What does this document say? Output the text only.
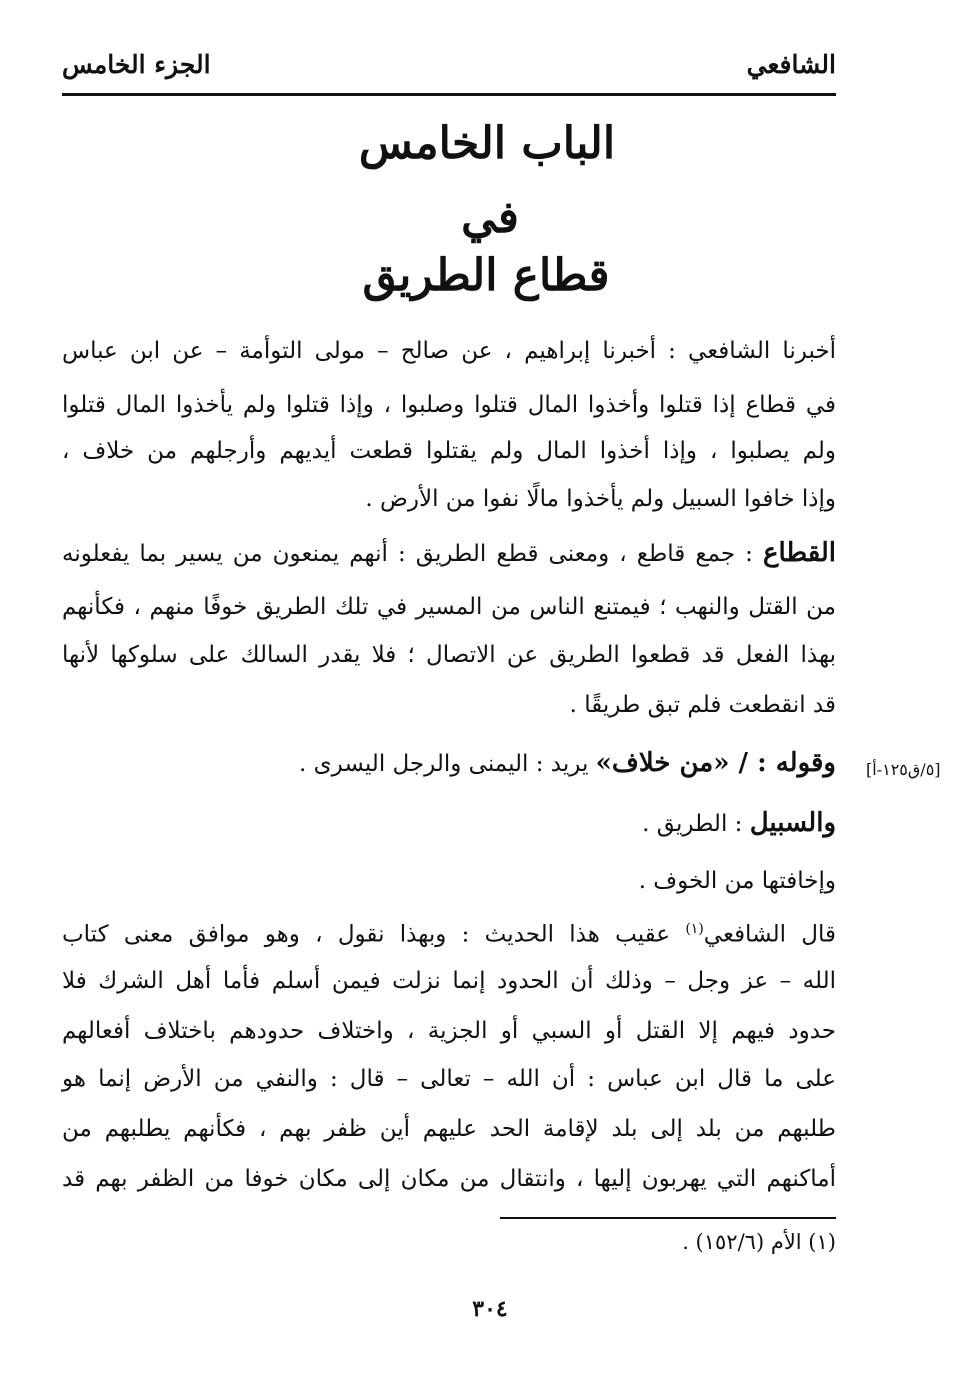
الشافعي
الجزء الخامس
الباب الخامس
في
قطاع الطريق
أخبرنا الشافعي : أخبرنا إبراهيم ، عن صالح – مولى التوأمة – عن ابن عباس
في قطاع إذا قتلوا وأخذوا المال قتلوا وصلبوا ، وإذا قتلوا ولم يأخذوا المال قتلوا
ولم يصلبوا ، وإذا أخذوا المال ولم يقتلوا قطعت أيديهم وأرجلهم من خلاف ،
وإذا خافوا السبيل ولم يأخذوا مالًا نفوا من الأرض .
القطاع : جمع قاطع ، ومعنى قطع الطريق : أنهم يمنعون من يسير بما يفعلونه
من القتل والنهب ؛ فيمتنع الناس من المسير في تلك الطريق خوفًا منهم ، فكأنهم
بهذا الفعل قد قطعوا الطريق عن الاتصال ؛ فلا يقدر السالك على سلوكها لأنها
قد انقطعت فلم تبق طريقًا .
وقوله : / «من خلاف» يريد : اليمنى والرجل اليسرى .	[٥/ق١٢٥-أ]
والسبيل : الطريق .
وإخافتها من الخوف .
قال الشافعي$^{(١)}$ عقيب هذا الحديث : وبهذا نقول ، وهو موافق معنى كتاب
الله – عز وجل – وذلك أن الحدود إنما نزلت فيمن أسلم فأما أهل الشرك فلا
حدود فيهم إلا القتل أو السبي أو الجزية ، واختلاف حدودهم باختلاف أفعالهم
على ما قال ابن عباس : أن الله – تعالى – قال : والنفي من الأرض إنما هو
طلبهم من بلد إلى بلد لإقامة الحد عليهم أين ظفر بهم ، فكأنهم يطلبهم من
أماكنهم التي يهربون إليها ، وانتقال من مكان إلى مكان خوفا من الظفر بهم قد
(١) الأم (١٥٢/٦) .
٣٠٤
